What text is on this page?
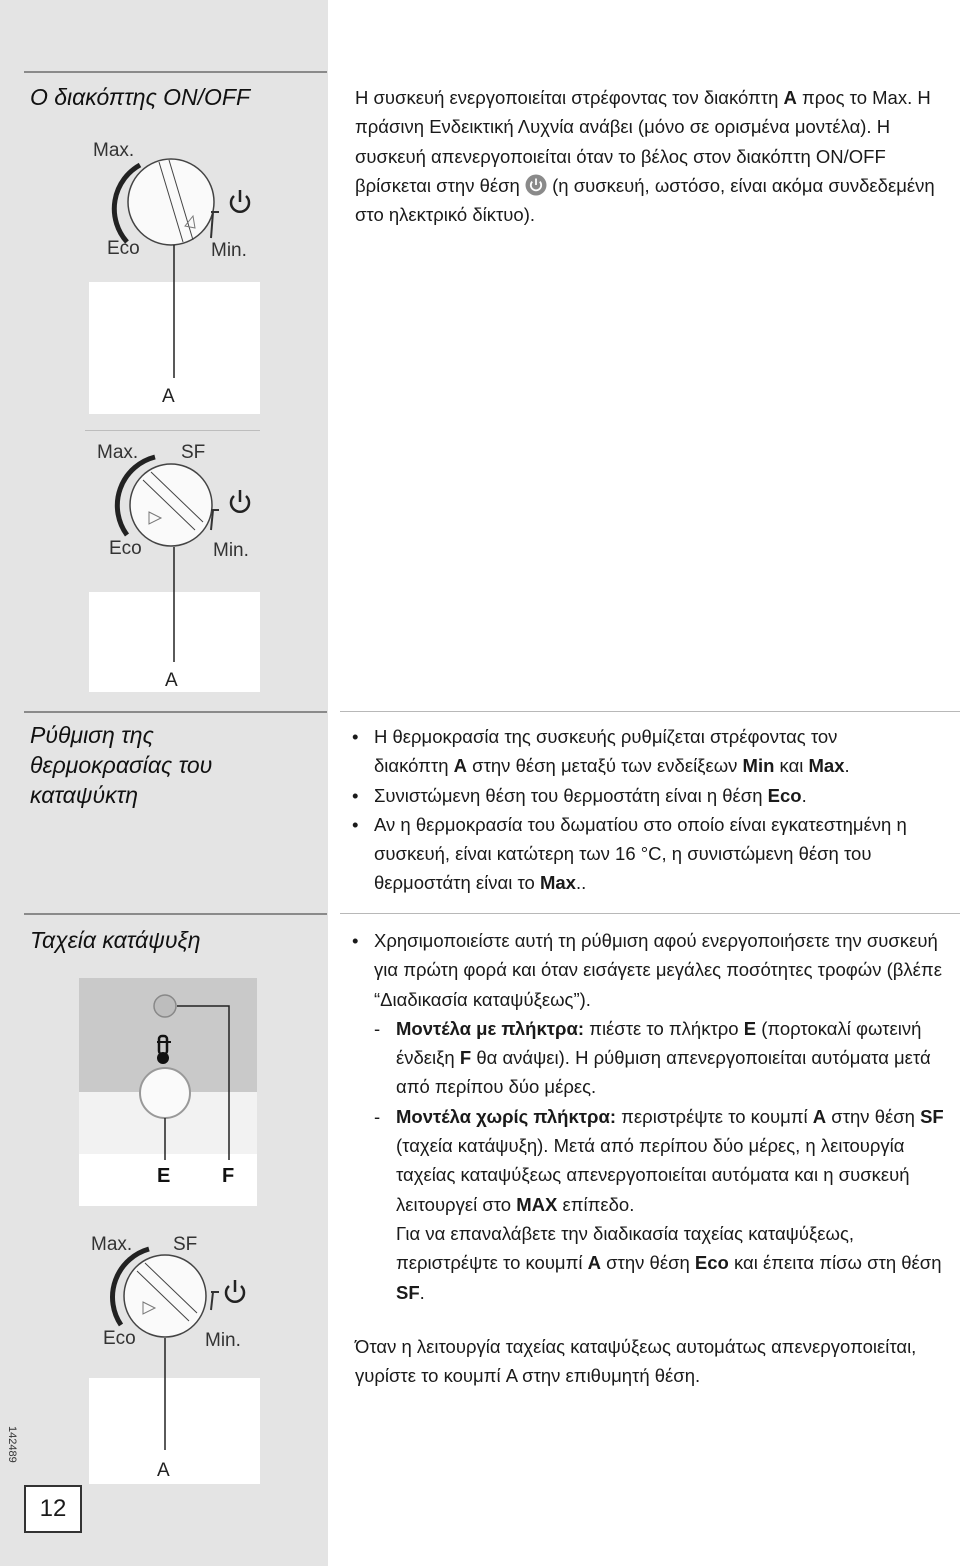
142489
12
Ο διακόπτης ON/OFF	Η συσκευή ενεργοποιείται στρέφοντας τον διακόπτη A προς το Max. Η πράσινη Ενδεικτική Λυχνία ανάβει (μόνο σε ορισμένα μοντέλα). Η συσκευή απενεργοποιείται όταν το βέλος στον διακόπτη ON/OFF βρίσκεται στην θέση  (η συσκευή, ωστόσο, είναι ακόμα συνδεδεμένη στο ηλεκτρικό δίκτυο).
Max.
Eco	Min.
A
Max. SF
Eco	Min.
A
Ρύθμιση της
θερμοκρασίας του
καταψύκτη
• Η θερμοκρασία της συσκευής ρυθμίζεται στρέφοντας τον διακόπτη A στην θέση μεταξύ των ενδείξεων Min και Max.
• Συνιστώμενη θέση του θερμοστάτη είναι η θέση Eco.
• Αν η θερμοκρασία του δωματίου στο οποίο είναι εγκατεστημένη η συσκευή, είναι κατώτερη των 16 °C, η συνιστώμενη θέση του θερμοστάτη είναι το Max..
Ταχεία κατάψυξη
E	F
Max. SF
Eco	Min.
A
• Χρησιμοποιείστε αυτή τη ρύθμιση αφού ενεργοποιήσετε την συσκευή για πρώτη φορά και όταν εισάγετε μεγάλες ποσότητες τροφών (βλέπε “Διαδικασία καταψύξεως”).
- Μοντέλα με πλήκτρα: πιέστε το πλήκτρο E (πορτοκαλί φωτεινή ένδειξη F θα ανάψει). Η ρύθμιση απενεργοποιείται αυτόματα μετά από περίπου δύο μέρες.
- Μοντέλα χωρίς πλήκτρα: περιστρέψτε το κουμπί A στην θέση SF (ταχεία κατάψυξη). Μετά από περίπου δύο μέρες, η λειτουργία ταχείας καταψύξεως απενεργοποιείται αυτόματα και η συσκευή λειτουργεί στο MAX επίπεδο.
Για να επαναλάβετε την διαδικασία ταχείας καταψύξεως, περιστρέψτε το κουμπί A στην θέση Eco και έπειτα πίσω στη θέση SF.
Όταν η λειτουργία ταχείας καταψύξεως αυτομάτως απενεργοποιείται, γυρίστε το κουμπί A στην επιθυμητή θέση.
